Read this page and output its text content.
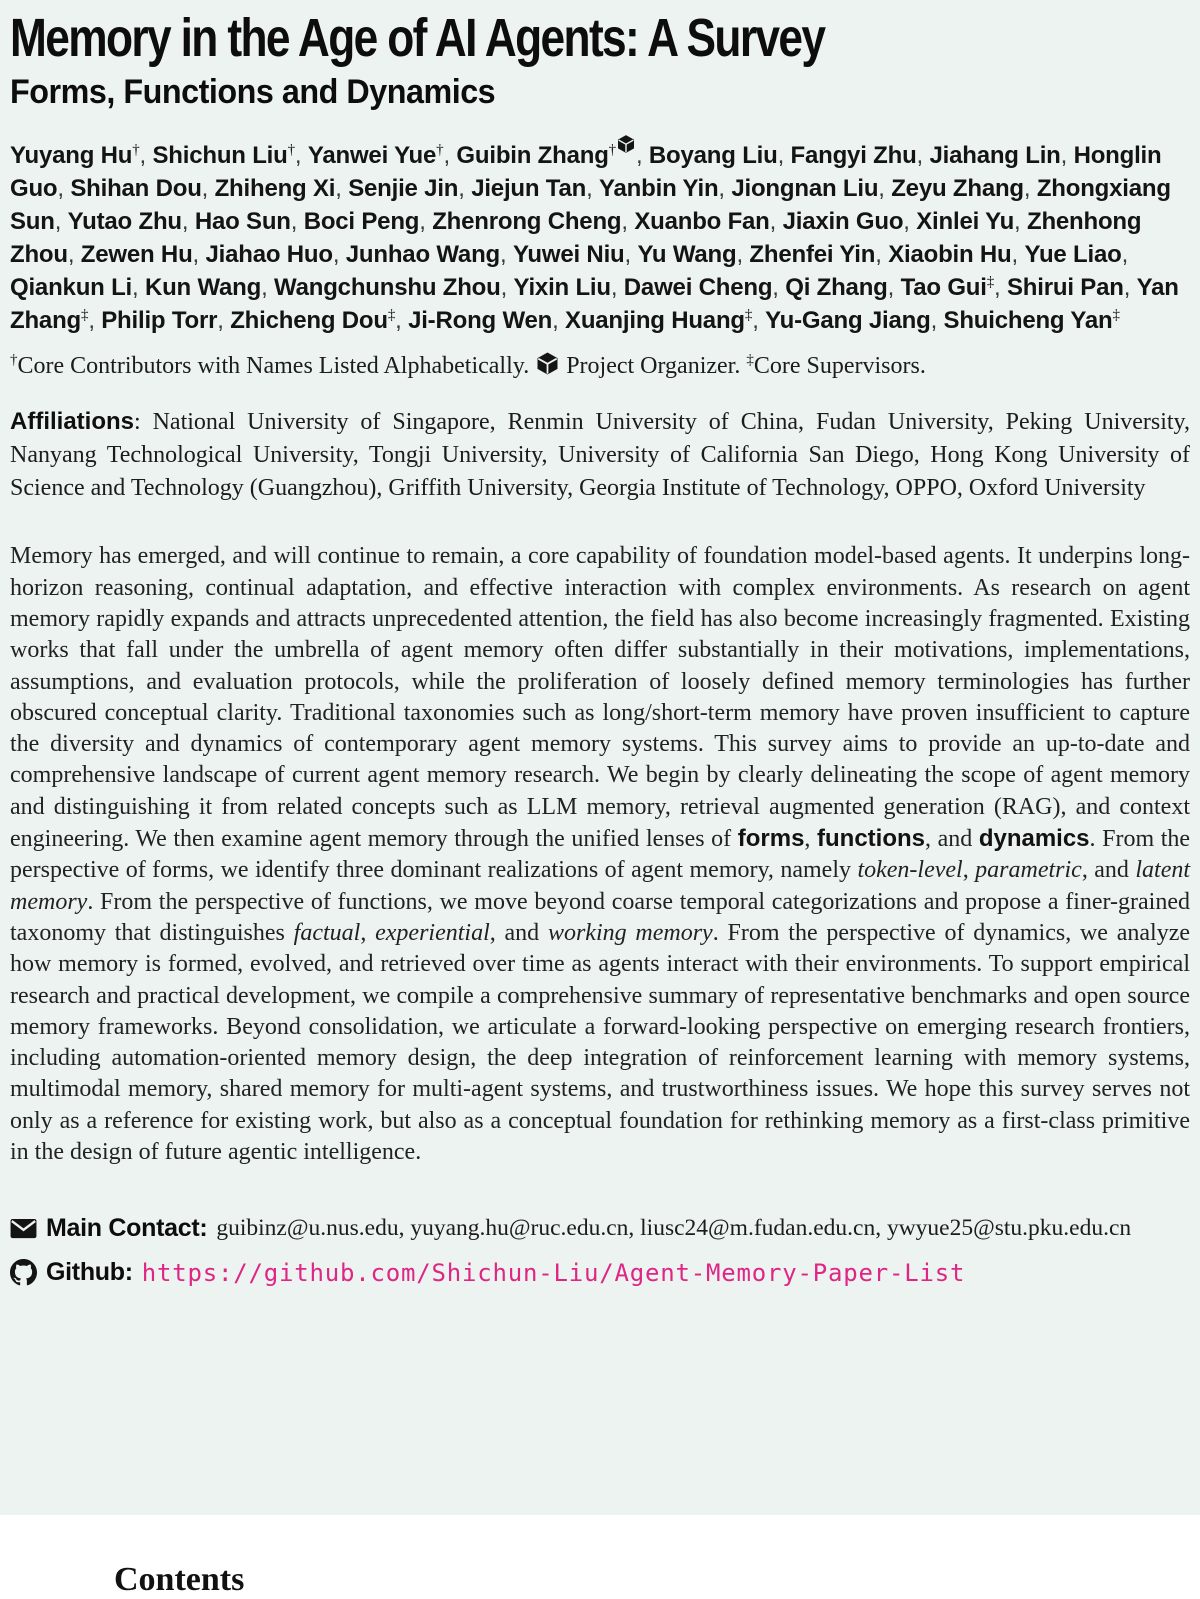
Memory in the Age of AI Agents: A Survey
Forms, Functions and Dynamics

Yuyang Hu†, Shichun Liu†, Yanwei Yue†, Guibin Zhang† , Boyang Liu, Fangyi Zhu, Jiahang Lin, Honglin Guo, Shihan Dou, Zhiheng Xi, Senjie Jin, Jiejun Tan, Yanbin Yin, Jiongnan Liu, Zeyu Zhang, Zhongxiang Sun, Yutao Zhu, Hao Sun, Boci Peng, Zhenrong Cheng, Xuanbo Fan, Jiaxin Guo, Xinlei Yu, Zhenhong Zhou, Zewen Hu, Jiahao Huo, Junhao Wang, Yuwei Niu, Yu Wang, Zhenfei Yin, Xiaobin Hu, Yue Liao, Qiankun Li, Kun Wang, Wangchunshu Zhou, Yixin Liu, Dawei Cheng, Qi Zhang, Tao Gui‡, Shirui Pan, Yan Zhang‡, Philip Torr, Zhicheng Dou‡, Ji-Rong Wen, Xuanjing Huang‡, Yu-Gang Jiang, Shuicheng Yan‡

†Core Contributors with Names Listed Alphabetically.  Project Organizer. ‡Core Supervisors.

Affiliations: National University of Singapore, Renmin University of China, Fudan University, Peking University, Nanyang Technological University, Tongji University, University of California San Diego, Hong Kong University of Science and Technology (Guangzhou), Griffith University, Georgia Institute of Technology, OPPO, Oxford University

Memory has emerged, and will continue to remain, a core capability of foundation model-based agents. It underpins long-horizon reasoning, continual adaptation, and effective interaction with complex environments. As research on agent memory rapidly expands and attracts unprecedented attention, the field has also become increasingly fragmented. Existing works that fall under the umbrella of agent memory often differ substantially in their motivations, implementations, assumptions, and evaluation protocols, while the proliferation of loosely defined memory terminologies has further obscured conceptual clarity. Traditional taxonomies such as long/short-term memory have proven insufficient to capture the diversity and dynamics of contemporary agent memory systems. This survey aims to provide an up-to-date and comprehensive landscape of current agent memory research. We begin by clearly delineating the scope of agent memory and distinguishing it from related concepts such as LLM memory, retrieval augmented generation (RAG), and context engineering. We then examine agent memory through the unified lenses of forms, functions, and dynamics. From the perspective of forms, we identify three dominant realizations of agent memory, namely token-level, parametric, and latent memory. From the perspective of functions, we move beyond coarse temporal categorizations and propose a finer-grained taxonomy that distinguishes factual, experiential, and working memory. From the perspective of dynamics, we analyze how memory is formed, evolved, and retrieved over time as agents interact with their environments. To support empirical research and practical development, we compile a comprehensive summary of representative benchmarks and open source memory frameworks. Beyond consolidation, we articulate a forward-looking perspective on emerging research frontiers, including automation-oriented memory design, the deep integration of reinforcement learning with memory systems, multimodal memory, shared memory for multi-agent systems, and trustworthiness issues. We hope this survey serves not only as a reference for existing work, but also as a conceptual foundation for rethinking memory as a first-class primitive in the design of future agentic intelligence.

Main Contact: guibinz@u.nus.edu, yuyang.hu@ruc.edu.cn, liusc24@m.fudan.edu.cn, ywyue25@stu.pku.edu.cn
Github: https://github.com/Shichun-Liu/Agent-Memory-Paper-List
Contents
